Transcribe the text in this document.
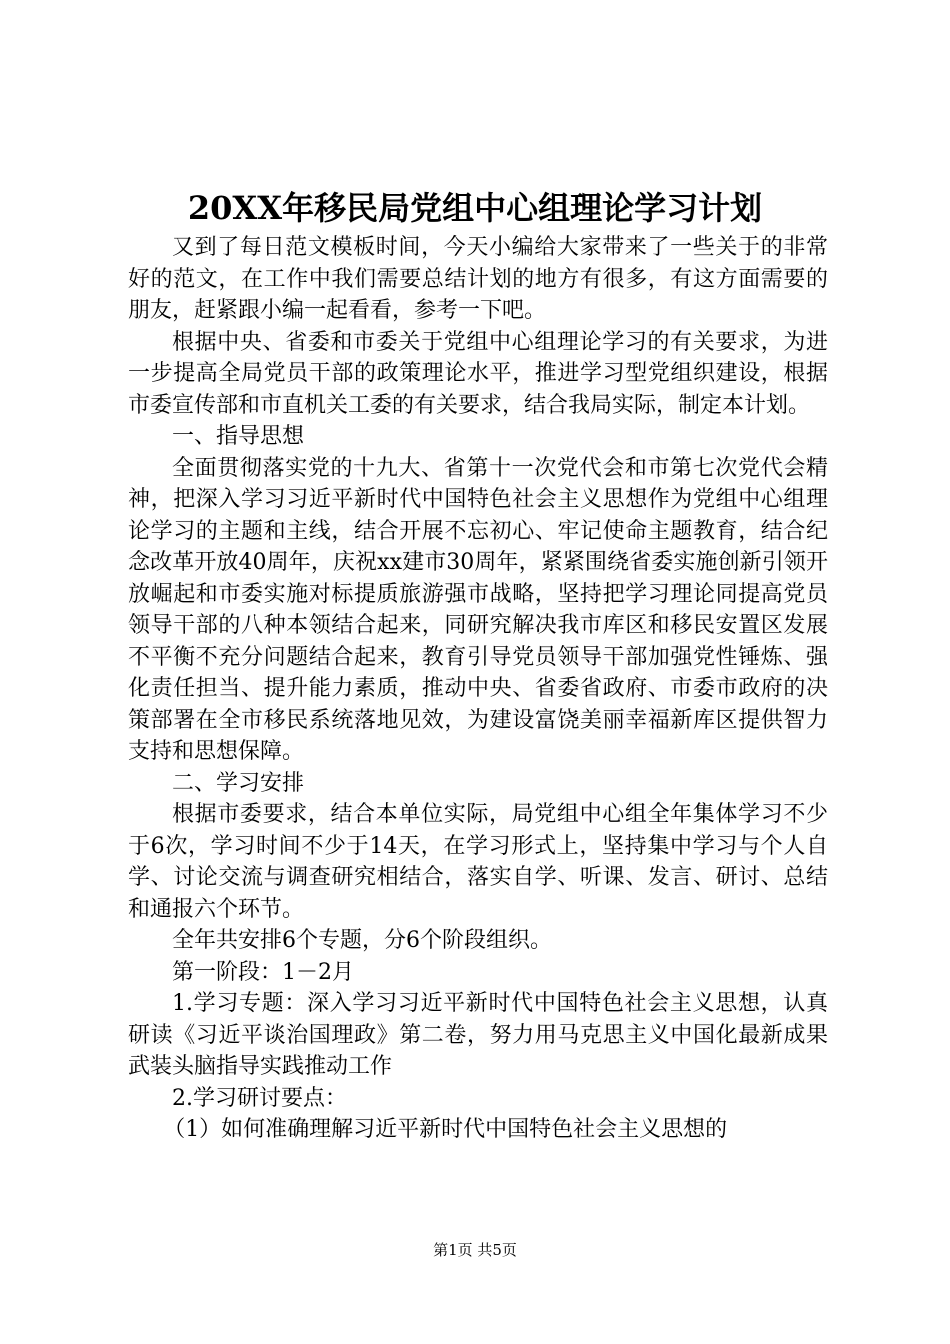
20XX年移民局党组中心组理论学习计划

又到了每日范文模板时间，今天小编给大家带来了一些关于的非常好的范文，在工作中我们需要总结计划的地方有很多，有这方面需要的朋友，赶紧跟小编一起看看，参考一下吧。

根据中央、省委和市委关于党组中心组理论学习的有关要求，为进一步提高全局党员干部的政策理论水平，推进学习型党组织建设，根据市委宣传部和市直机关工委的有关要求，结合我局实际，制定本计划。

一、指导思想

全面贯彻落实党的十九大、省第十一次党代会和市第七次党代会精神，把深入学习习近平新时代中国特色社会主义思想作为党组中心组理论学习的主题和主线，结合开展不忘初心、牢记使命主题教育，结合纪念改革开放40周年，庆祝xx建市30周年，紧紧围绕省委实施创新引领开放崛起和市委实施对标提质旅游强市战略，坚持把学习理论同提高党员领导干部的八种本领结合起来，同研究解决我市库区和移民安置区发展不平衡不充分问题结合起来，教育引导党员领导干部加强党性锤炼、强化责任担当、提升能力素质，推动中央、省委省政府、市委市政府的决策部署在全市移民系统落地见效，为建设富饶美丽幸福新库区提供智力支持和思想保障。

二、学习安排

根据市委要求，结合本单位实际，局党组中心组全年集体学习不少于6次，学习时间不少于14天，在学习形式上，坚持集中学习与个人自学、讨论交流与调查研究相结合，落实自学、听课、发言、研讨、总结和通报六个环节。

全年共安排6个专题，分6个阶段组织。

第一阶段：1－2月

1.学习专题：深入学习习近平新时代中国特色社会主义思想，认真研读《习近平谈治国理政》第二卷，努力用马克思主义中国化最新成果武装头脑指导实践推动工作

2.学习研讨要点：

（1）如何准确理解习近平新时代中国特色社会主义思想的

第1页 共5页
